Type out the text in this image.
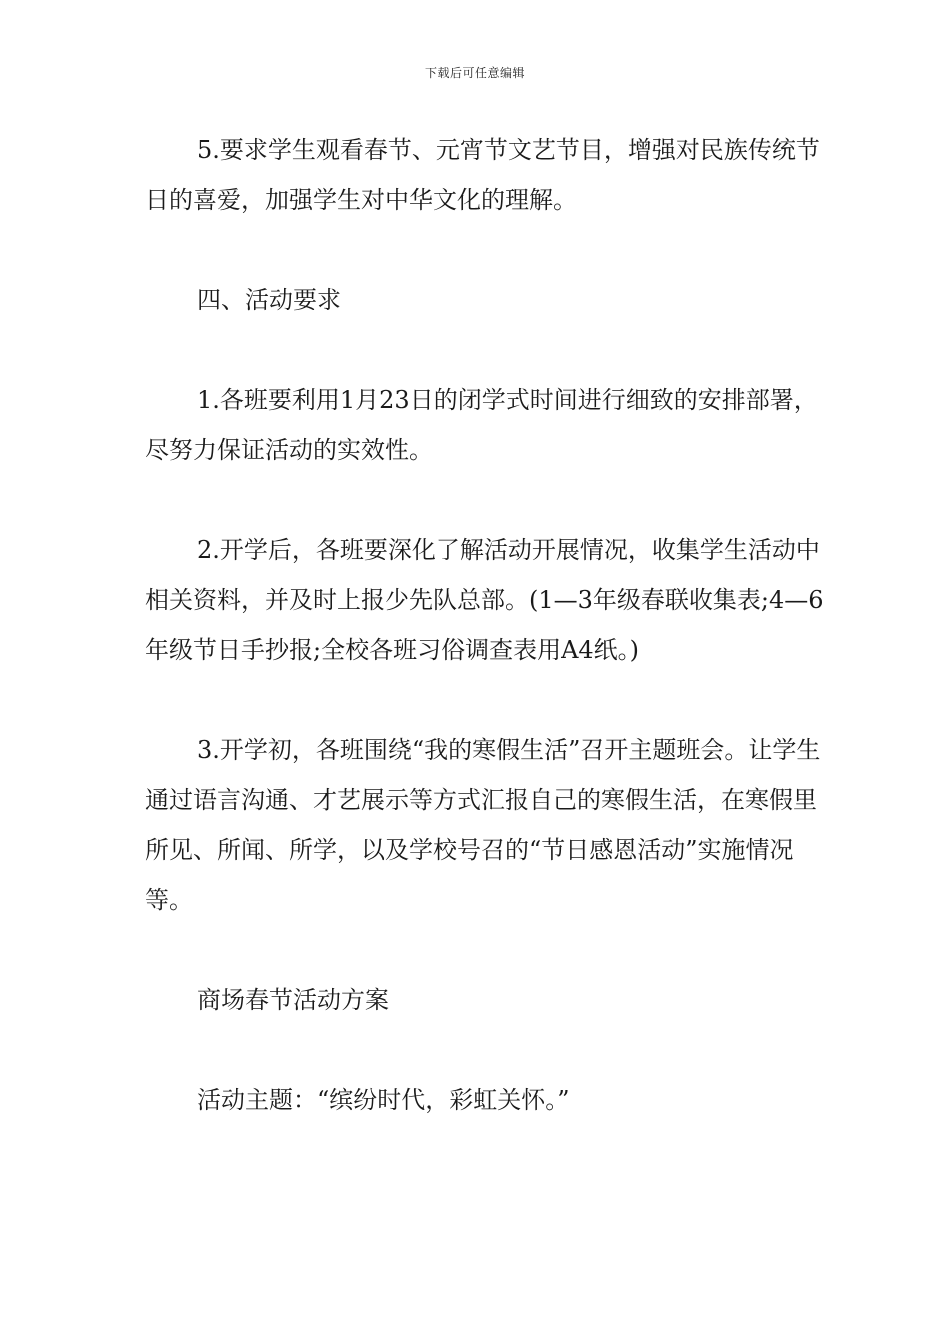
下载后可任意编辑

5.要求学生观看春节、元宵节文艺节目，增强对民族传统节日的喜爱，加强学生对中华文化的理解。

四、活动要求

1.各班要利用1月23日的闭学式时间进行细致的安排部署，尽努力保证活动的实效性。

2.开学后，各班要深化了解活动开展情况，收集学生活动中相关资料，并及时上报少先队总部。(1—3年级春联收集表;4—6年级节日手抄报;全校各班习俗调查表用A4纸。)

3.开学初，各班围绕“我的寒假生活”召开主题班会。让学生通过语言沟通、才艺展示等方式汇报自己的寒假生活，在寒假里所见、所闻、所学，以及学校号召的“节日感恩活动”实施情况等。

商场春节活动方案

活动主题：“缤纷时代，彩虹关怀。”
